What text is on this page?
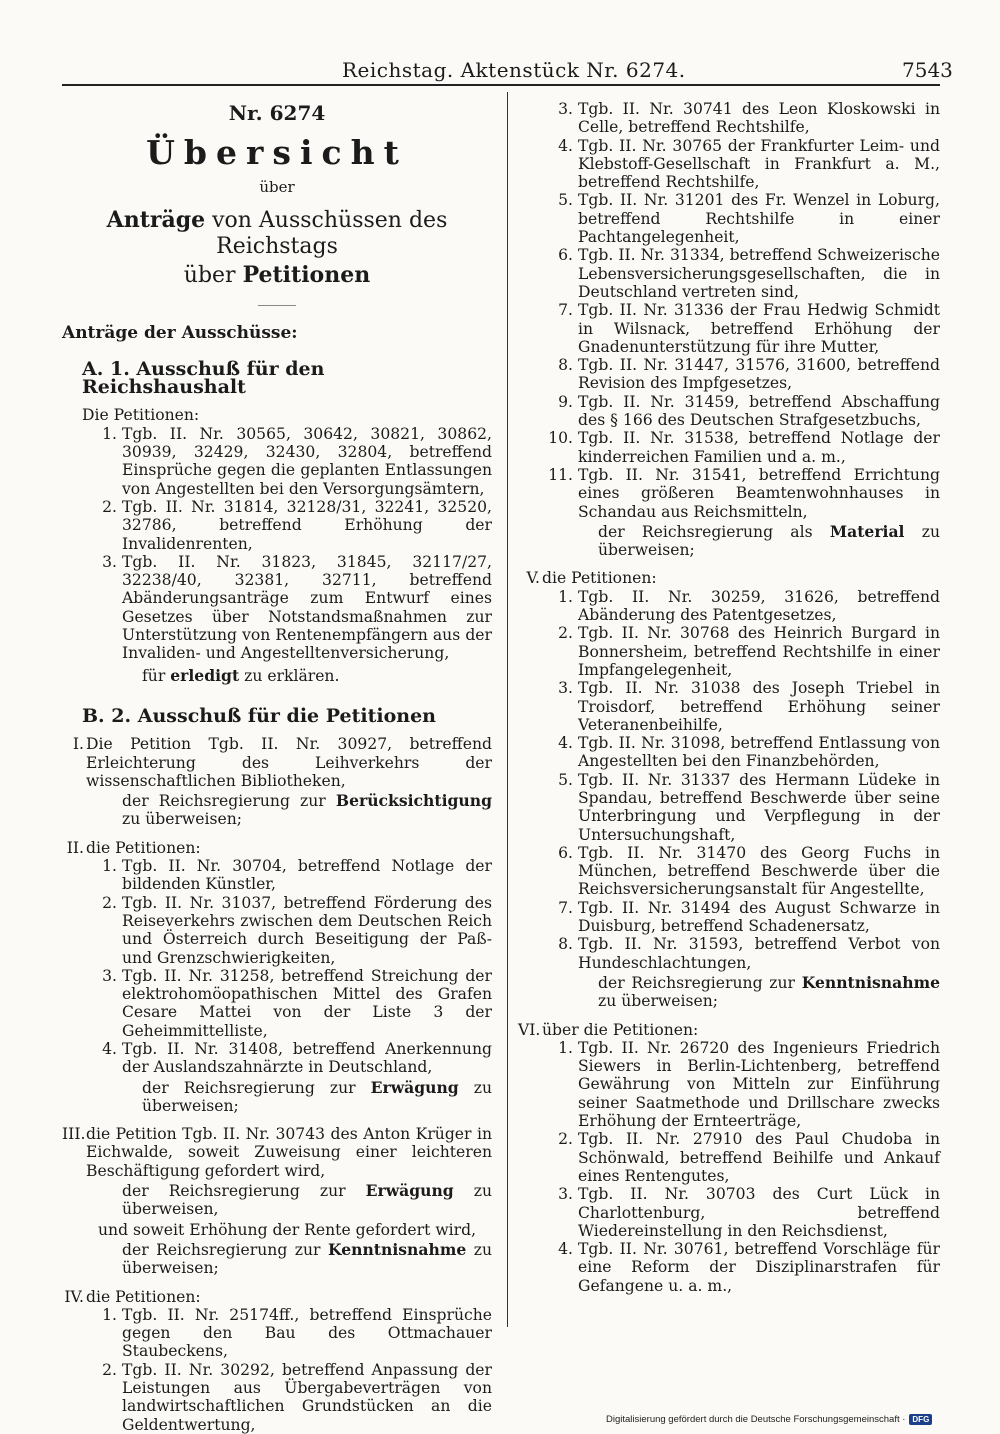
Reichstag. Aktenstück Nr. 6274.	7543
Nr. 6274
Übersicht
über
Anträge von Ausschüssen des Reichstags
über Petitionen
Anträge der Ausschüsse:
A. 1. Ausschuß für den Reichshaushalt
Die Petitionen:
1. Tgb. II. Nr. 30565, 30642, 30821, 30862, 30939, 32429, 32430, 32804, betreffend Einsprüche gegen die geplanten Entlassungen von Angestellten bei den Versorgungsämtern,
2. Tgb. II. Nr. 31814, 32128/31, 32241, 32520, 32786, betreffend Erhöhung der Invalidenrenten,
3. Tgb. II. Nr. 31823, 31845, 32117/27, 32238/40, 32381, 32711, betreffend Abänderungsanträge zum Entwurf eines Gesetzes über Notstandsmaßnahmen zur Unterstützung von Rentenempfängern aus der Invaliden- und Angestelltenversicherung,
für erledigt zu erklären.
B. 2. Ausschuß für die Petitionen
I. Die Petition Tgb. II. Nr. 30927, betreffend Erleichterung des Leihverkehrs der wissenschaftlichen Bibliotheken,
der Reichsregierung zur Berücksichtigung zu überweisen;
II. die Petitionen:
1. Tgb. II. Nr. 30704, betreffend Notlage der bildenden Künstler,
2. Tgb. II. Nr. 31037, betreffend Förderung des Reiseverkehrs zwischen dem Deutschen Reich und Österreich durch Beseitigung der Paß- und Grenzschwierigkeiten,
3. Tgb. II. Nr. 31258, betreffend Streichung der elektrohomöopathischen Mittel des Grafen Cesare Mattei von der Liste 3 der Geheimmittelliste,
4. Tgb. II. Nr. 31408, betreffend Anerkennung der Auslandszahnärzte in Deutschland,
der Reichsregierung zur Erwägung zu überweisen;
III. die Petition Tgb. II. Nr. 30743 des Anton Krüger in Eichwalde, soweit Zuweisung einer leichteren Beschäftigung gefordert wird,
der Reichsregierung zur Erwägung zu überweisen,
und soweit Erhöhung der Rente gefordert wird,
der Reichsregierung zur Kenntnisnahme zu überweisen;
IV. die Petitionen:
1. Tgb. II. Nr. 25174ff., betreffend Einsprüche gegen den Bau des Ottmachauer Staubeckens,
2. Tgb. II. Nr. 30292, betreffend Anpassung der Leistungen aus Übergabeverträgen von landwirtschaftlichen Grundstücken an die Geldentwertung,
3. Tgb. II. Nr. 30741 des Leon Kloskowski in Celle, betreffend Rechtshilfe,
4. Tgb. II. Nr. 30765 der Frankfurter Leim- und Klebstoff-Gesellschaft in Frankfurt a. M., betreffend Rechtshilfe,
5. Tgb. II. Nr. 31201 des Fr. Wenzel in Loburg, betreffend Rechtshilfe in einer Pachtangelegenheit,
6. Tgb. II. Nr. 31334, betreffend Schweizerische Lebensversicherungsgesellschaften, die in Deutschland vertreten sind,
7. Tgb. II. Nr. 31336 der Frau Hedwig Schmidt in Wilsnack, betreffend Erhöhung der Gnadenunterstützung für ihre Mutter,
8. Tgb. II. Nr. 31447, 31576, 31600, betreffend Revision des Impfgesetzes,
9. Tgb. II. Nr. 31459, betreffend Abschaffung des § 166 des Deutschen Strafgesetzbuchs,
10. Tgb. II. Nr. 31538, betreffend Notlage der kinderreichen Familien und a. m.,
11. Tgb. II. Nr. 31541, betreffend Errichtung eines größeren Beamtenwohnhauses in Schandau aus Reichsmitteln,
der Reichsregierung als Material zu überweisen;
V. die Petitionen:
1. Tgb. II. Nr. 30259, 31626, betreffend Abänderung des Patentgesetzes,
2. Tgb. II. Nr. 30768 des Heinrich Burgard in Bonnersheim, betreffend Rechtshilfe in einer Impfangelegenheit,
3. Tgb. II. Nr. 31038 des Joseph Triebel in Troisdorf, betreffend Erhöhung seiner Veteranenbeihilfe,
4. Tgb. II. Nr. 31098, betreffend Entlassung von Angestellten bei den Finanzbehörden,
5. Tgb. II. Nr. 31337 des Hermann Lüdeke in Spandau, betreffend Beschwerde über seine Unterbringung und Verpflegung in der Untersuchungshaft,
6. Tgb. II. Nr. 31470 des Georg Fuchs in München, betreffend Beschwerde über die Reichsversicherungsanstalt für Angestellte,
7. Tgb. II. Nr. 31494 des August Schwarze in Duisburg, betreffend Schadenersatz,
8. Tgb. II. Nr. 31593, betreffend Verbot von Hundeschlachtungen,
der Reichsregierung zur Kenntnisnahme zu überweisen;
VI. über die Petitionen:
1. Tgb. II. Nr. 26720 des Ingenieurs Friedrich Siewers in Berlin-Lichtenberg, betreffend Gewährung von Mitteln zur Einführung seiner Saatmethode und Drillschare zwecks Erhöhung der Ernteerträge,
2. Tgb. II. Nr. 27910 des Paul Chudoba in Schönwald, betreffend Beihilfe und Ankauf eines Rentengutes,
3. Tgb. II. Nr. 30703 des Curt Lück in Charlottenburg, betreffend Wiedereinstellung in den Reichsdienst,
4. Tgb. II. Nr. 30761, betreffend Vorschläge für eine Reform der Disziplinarstrafen für Gefangene u. a. m.,
Digitalisierung gefördert durch die Deutsche Forschungsgemeinschaft · DFG
